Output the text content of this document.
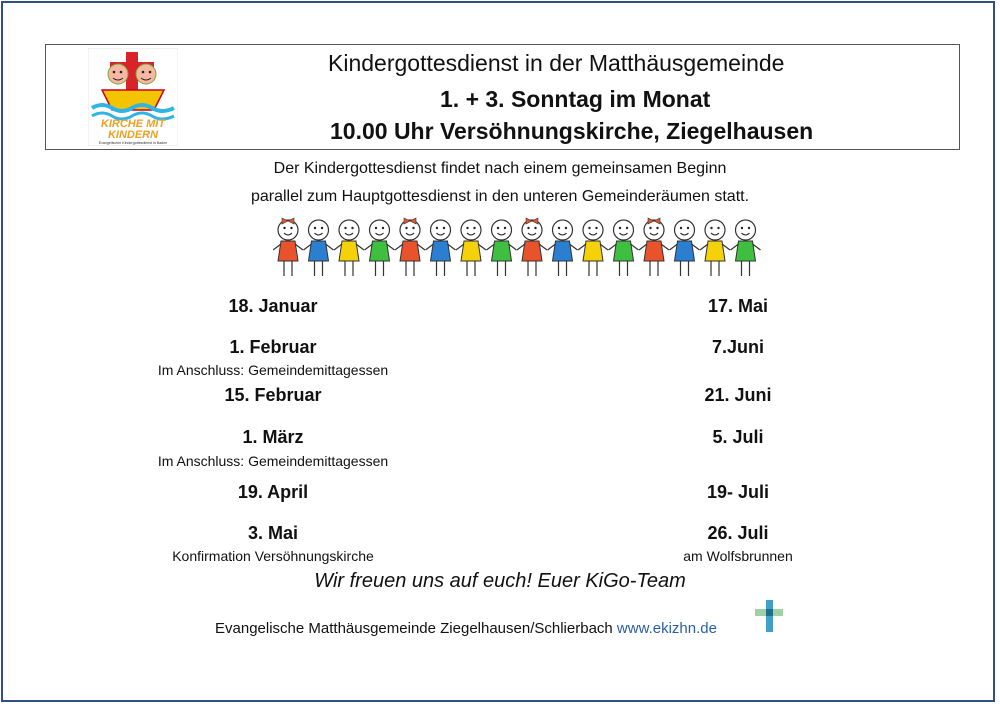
KIRCHE MIT
KINDERN
Evangelischer Kindergottesdienst in Baden
Kindergottesdienst in der Matthäusgemeinde
1. + 3. Sonntag im Monat
10.00 Uhr Versöhnungskirche, Ziegelhausen
Der Kindergottesdienst findet nach einem gemeinsamen Beginn
parallel zum Hauptgottesdienst in den unteren Gemeinderäumen statt.
18. Januar
1. Februar
Im Anschluss: Gemeindemittagessen
15. Februar
1. März
Im Anschluss: Gemeindemittagessen
19. April
3. Mai
Konfirmation Versöhnungskirche
17. Mai
7.Juni
21. Juni
5. Juli
19- Juli
26. Juli
am Wolfsbrunnen
Wir freuen uns auf euch! Euer KiGo-Team
Evangelische Matthäusgemeinde Ziegelhausen/Schlierbach www.ekizhn.de
